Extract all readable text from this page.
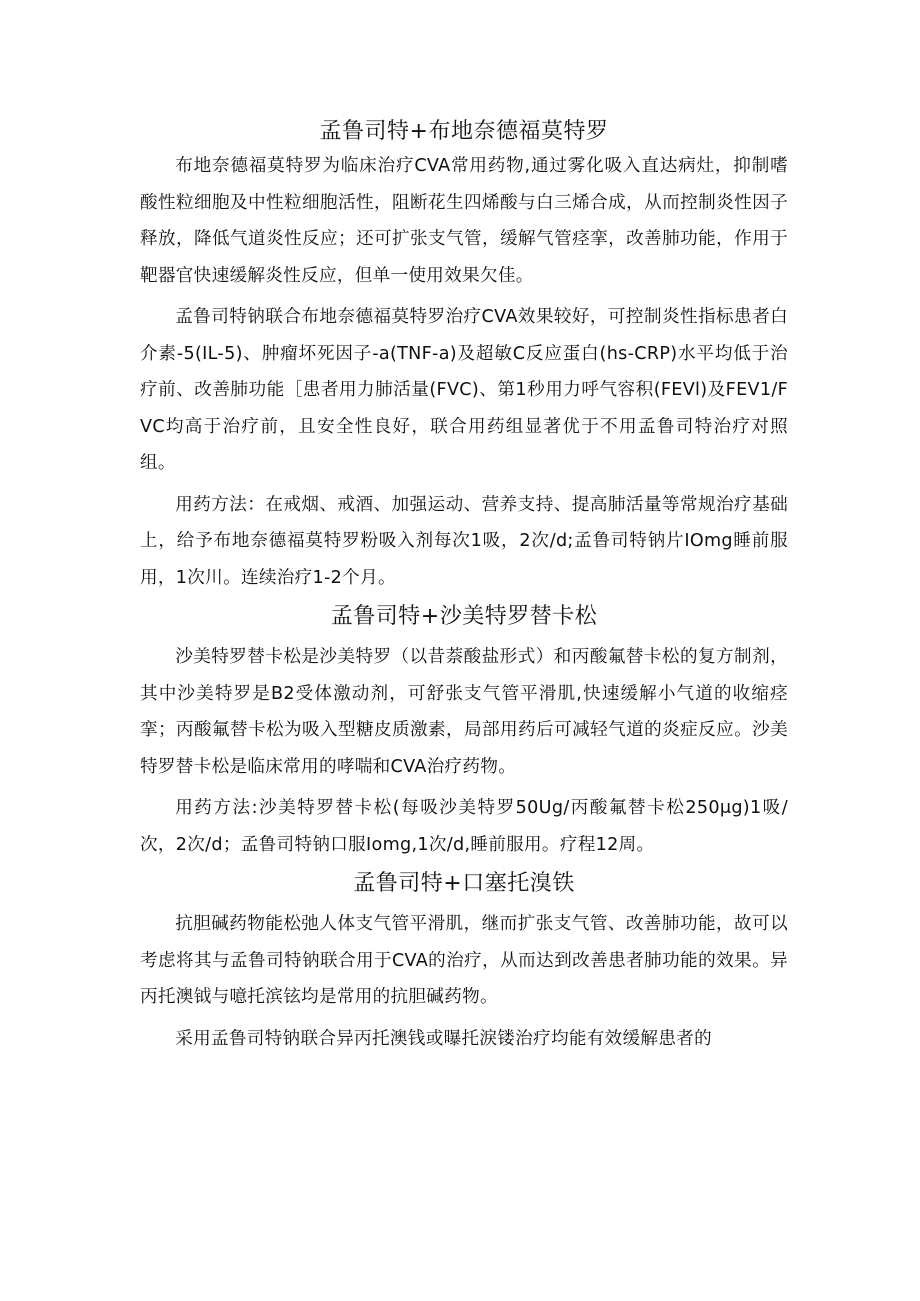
孟鲁司特+布地奈德福莫特罗

布地奈德福莫特罗为临床治疗CVA常用药物,通过雾化吸入直达病灶，抑制嗜酸性粒细胞及中性粒细胞活性，阻断花生四烯酸与白三烯合成，从而控制炎性因子释放，降低气道炎性反应；还可扩张支气管，缓解气管痉挛，改善肺功能，作用于靶器官快速缓解炎性反应，但单一使用效果欠佳。

孟鲁司特钠联合布地奈德福莫特罗治疗CVA效果较好，可控制炎性指标患者白介素-5(IL-5)、肿瘤坏死因子-a(TNF-a)及超敏C反应蛋白(hs-CRP)水平均低于治疗前、改善肺功能［患者用力肺活量(FVC)、第1秒用力呼气容积(FEVl)及FEV1/FVC均高于治疗前，且安全性良好，联合用药组显著优于不用孟鲁司特治疗对照组。

用药方法：在戒烟、戒酒、加强运动、营养支持、提高肺活量等常规治疗基础上，给予布地奈德福莫特罗粉吸入剂每次1吸，2次/d;孟鲁司特钠片IOmg睡前服用，1次川。连续治疗1-2个月。

孟鲁司特+沙美特罗替卡松

沙美特罗替卡松是沙美特罗（以昔萘酸盐形式）和丙酸氟替卡松的复方制剂，其中沙美特罗是B2受体激动剂，可舒张支气管平滑肌,快速缓解小气道的收缩痉挛；丙酸氟替卡松为吸入型糖皮质激素，局部用药后可减轻气道的炎症反应。沙美特罗替卡松是临床常用的哮喘和CVA治疗药物。

用药方法:沙美特罗替卡松(每吸沙美特罗50Ug/丙酸氟替卡松250μg)1吸/次，2次/d；孟鲁司特钠口服Iomg,1次/d,睡前服用。疗程12周。

孟鲁司特+口塞托溴铁

抗胆碱药物能松弛人体支气管平滑肌，继而扩张支气管、改善肺功能，故可以考虑将其与孟鲁司特钠联合用于CVA的治疗，从而达到改善患者肺功能的效果。异丙托澳钺与噫托滨铉均是常用的抗胆碱药物。

采用孟鲁司特钠联合异丙托澳钱或曝托淚镂治疗均能有效缓解患者的
